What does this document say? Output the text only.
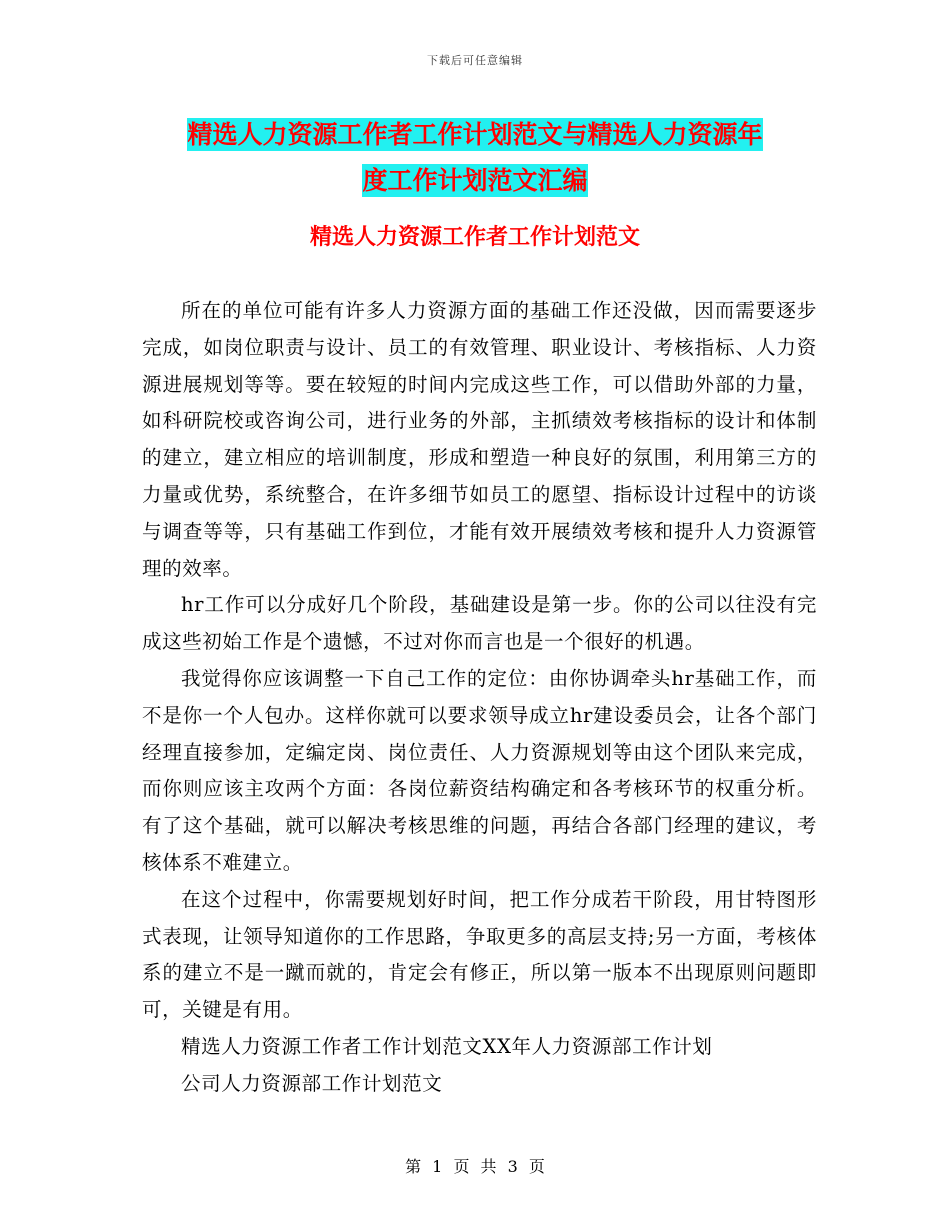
下载后可任意编辑
精选人力资源工作者工作计划范文与精选人力资源年
度工作计划范文汇编
精选人力资源工作者工作计划范文

所在的单位可能有许多人力资源方面的基础工作还没做，因而需要逐步完成，如岗位职责与设计、员工的有效管理、职业设计、考核指标、人力资源进展规划等等。要在较短的时间内完成这些工作，可以借助外部的力量，如科研院校或咨询公司，进行业务的外部，主抓绩效考核指标的设计和体制的建立，建立相应的培训制度，形成和塑造一种良好的氛围，利用第三方的力量或优势，系统整合，在许多细节如员工的愿望、指标设计过程中的访谈与调查等等，只有基础工作到位，才能有效开展绩效考核和提升人力资源管理的效率。

hr工作可以分成好几个阶段，基础建设是第一步。你的公司以往没有完成这些初始工作是个遗憾，不过对你而言也是一个很好的机遇。

我觉得你应该调整一下自己工作的定位：由你协调牵头hr基础工作，而不是你一个人包办。这样你就可以要求领导成立hr建设委员会，让各个部门经理直接参加，定编定岗、岗位责任、人力资源规划等由这个团队来完成，而你则应该主攻两个方面：各岗位薪资结构确定和各考核环节的权重分析。有了这个基础，就可以解决考核思维的问题，再结合各部门经理的建议，考核体系不难建立。

在这个过程中，你需要规划好时间，把工作分成若干阶段，用甘特图形式表现，让领导知道你的工作思路，争取更多的高层支持;另一方面，考核体系的建立不是一蹴而就的，肯定会有修正，所以第一版本不出现原则问题即可，关键是有用。

精选人力资源工作者工作计划范文XX年人力资源部工作计划

公司人力资源部工作计划范文

第 1 页 共 3 页
